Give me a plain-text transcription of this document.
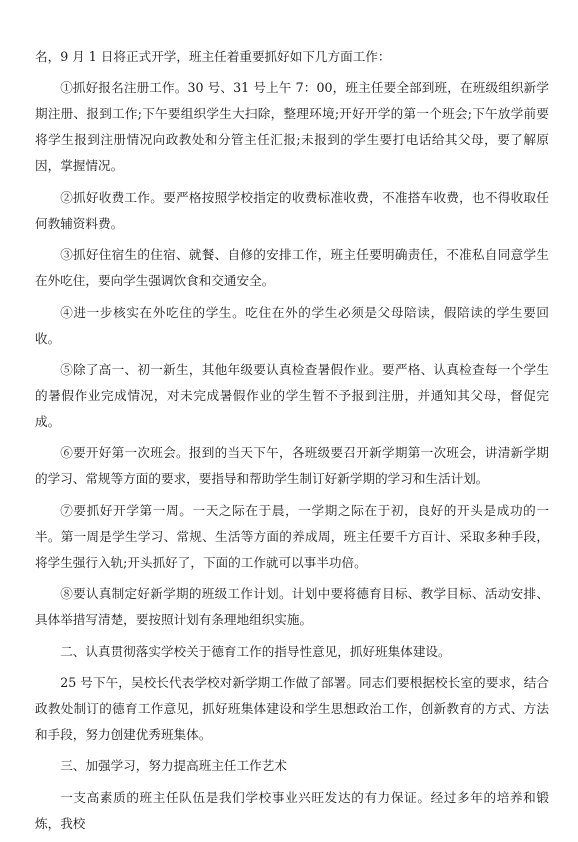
名，9 月 1 日将正式开学，班主任着重要抓好如下几方面工作：

①抓好报名注册工作。30 号、31 号上午 7：00，班主任要全部到班，在班级组织新学期注册、报到工作;下午要组织学生大扫除，整理环境;开好开学的第一个班会;下午放学前要将学生报到注册情况向政教处和分管主任汇报;未报到的学生要打电话给其父母，要了解原因，掌握情况。

②抓好收费工作。要严格按照学校指定的收费标准收费，不准搭车收费，也不得收取任何教辅资料费。

③抓好住宿生的住宿、就餐、自修的安排工作，班主任要明确责任，不准私自同意学生在外吃住，要向学生强调饮食和交通安全。

④进一步核实在外吃住的学生。吃住在外的学生必须是父母陪读，假陪读的学生要回收。

⑤除了高一、初一新生，其他年级要认真检查暑假作业。要严格、认真检查每一个学生的暑假作业完成情况，对未完成暑假作业的学生暂不予报到注册，并通知其父母，督促完成。

⑥要开好第一次班会。报到的当天下午，各班级要召开新学期第一次班会，讲清新学期的学习、常规等方面的要求，要指导和帮助学生制订好新学期的学习和生活计划。

⑦要抓好开学第一周。一天之际在于晨，一学期之际在于初，良好的开头是成功的一半。第一周是学生学习、常规、生活等方面的养成周，班主任要千方百计、采取多种手段，将学生强行入轨;开头抓好了，下面的工作就可以事半功倍。

⑧要认真制定好新学期的班级工作计划。计划中要将德育目标、教学目标、活动安排、具体举措写清楚，要按照计划有条理地组织实施。

二、认真贯彻落实学校关于德育工作的指导性意见，抓好班集体建设。

25 号下午，吴校长代表学校对新学期工作做了部署。同志们要根据校长室的要求，结合政教处制订的德育工作意见，抓好班集体建设和学生思想政治工作，创新教育的方式、方法和手段，努力创建优秀班集体。

三、加强学习，努力提高班主任工作艺术

一支高素质的班主任队伍是我们学校事业兴旺发达的有力保证。经过多年的培养和锻炼，我校
